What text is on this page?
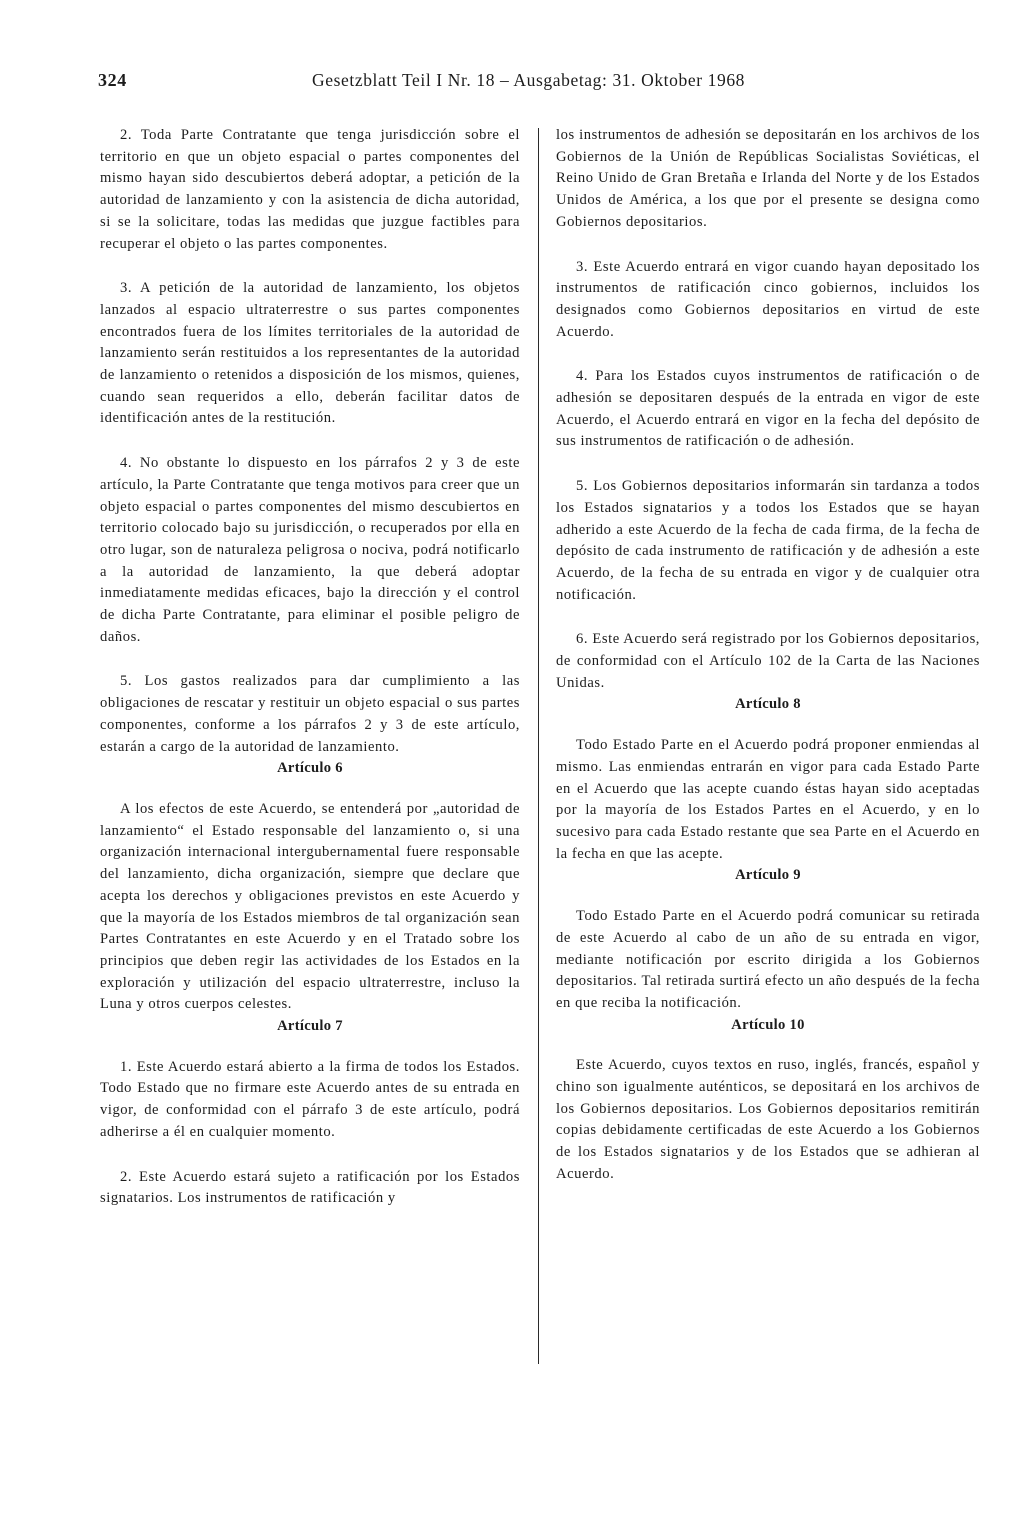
324	Gesetzblatt Teil I Nr. 18 – Ausgabetag: 31. Oktober 1968

2. Toda Parte Contratante que tenga jurisdicción sobre el territorio en que un objeto espacial o partes componentes del mismo hayan sido descubiertos deberá adoptar, a petición de la autoridad de lanzamiento y con la asistencia de dicha autoridad, si se la solicitare, todas las medidas que juzgue factibles para recuperar el objeto o las partes componentes.

3. A petición de la autoridad de lanzamiento, los objetos lanzados al espacio ultraterrestre o sus partes componentes encontrados fuera de los límites territoriales de la autoridad de lanzamiento serán restituidos a los representantes de la autoridad de lanzamiento o retenidos a disposición de los mismos, quienes, cuando sean requeridos a ello, deberán facilitar datos de identificación antes de la restitución.

4. No obstante lo dispuesto en los párrafos 2 y 3 de este artículo, la Parte Contratante que tenga motivos para creer que un objeto espacial o partes componentes del mismo descubiertos en territorio colocado bajo su jurisdicción, o recuperados por ella en otro lugar, son de naturaleza peligrosa o nociva, podrá notificarlo a la autoridad de lanzamiento, la que deberá adoptar inmediatamente medidas eficaces, bajo la dirección y el control de dicha Parte Contratante, para eliminar el posible peligro de daños.

5. Los gastos realizados para dar cumplimiento a las obligaciones de rescatar y restituir un objeto espacial o sus partes componentes, conforme a los párrafos 2 y 3 de este artículo, estarán a cargo de la autoridad de lanzamiento.

Artículo 6

A los efectos de este Acuerdo, se entenderá por „autoridad de lanzamiento“ el Estado responsable del lanzamiento o, si una organización internacional intergubernamental fuere responsable del lanzamiento, dicha organización, siempre que declare que acepta los derechos y obligaciones previstos en este Acuerdo y que la mayoría de los Estados miembros de tal organización sean Partes Contratantes en este Acuerdo y en el Tratado sobre los principios que deben regir las actividades de los Estados en la exploración y utilización del espacio ultraterrestre, incluso la Luna y otros cuerpos celestes.

Artículo 7

1. Este Acuerdo estará abierto a la firma de todos los Estados. Todo Estado que no firmare este Acuerdo antes de su entrada en vigor, de conformidad con el párrafo 3 de este artículo, podrá adherirse a él en cualquier momento.

2. Este Acuerdo estará sujeto a ratificación por los Estados signatarios. Los instrumentos de ratificación y

los instrumentos de adhesión se depositarán en los archivos de los Gobiernos de la Unión de Repúblicas Socialistas Soviéticas, el Reino Unido de Gran Bretaña e Irlanda del Norte y de los Estados Unidos de América, a los que por el presente se designa como Gobiernos depositarios.

3. Este Acuerdo entrará en vigor cuando hayan depositado los instrumentos de ratificación cinco gobiernos, incluidos los designados como Gobiernos depositarios en virtud de este Acuerdo.

4. Para los Estados cuyos instrumentos de ratificación o de adhesión se depositaren después de la entrada en vigor de este Acuerdo, el Acuerdo entrará en vigor en la fecha del depósito de sus instrumentos de ratificación o de adhesión.

5. Los Gobiernos depositarios informarán sin tardanza a todos los Estados signatarios y a todos los Estados que se hayan adherido a este Acuerdo de la fecha de cada firma, de la fecha de depósito de cada instrumento de ratificación y de adhesión a este Acuerdo, de la fecha de su entrada en vigor y de cualquier otra notificación.

6. Este Acuerdo será registrado por los Gobiernos depositarios, de conformidad con el Artículo 102 de la Carta de las Naciones Unidas.

Artículo 8

Todo Estado Parte en el Acuerdo podrá proponer enmiendas al mismo. Las enmiendas entrarán en vigor para cada Estado Parte en el Acuerdo que las acepte cuando éstas hayan sido aceptadas por la mayoría de los Estados Partes en el Acuerdo, y en lo sucesivo para cada Estado restante que sea Parte en el Acuerdo en la fecha en que las acepte.

Artículo 9

Todo Estado Parte en el Acuerdo podrá comunicar su retirada de este Acuerdo al cabo de un año de su entrada en vigor, mediante notificación por escrito dirigida a los Gobiernos depositarios. Tal retirada surtirá efecto un año después de la fecha en que reciba la notificación.

Artículo 10

Este Acuerdo, cuyos textos en ruso, inglés, francés, español y chino son igualmente auténticos, se depositará en los archivos de los Gobiernos depositarios. Los Gobiernos depositarios remitirán copias debidamente certificadas de este Acuerdo a los Gobiernos de los Estados signatarios y de los Estados que se adhieran al Acuerdo.
